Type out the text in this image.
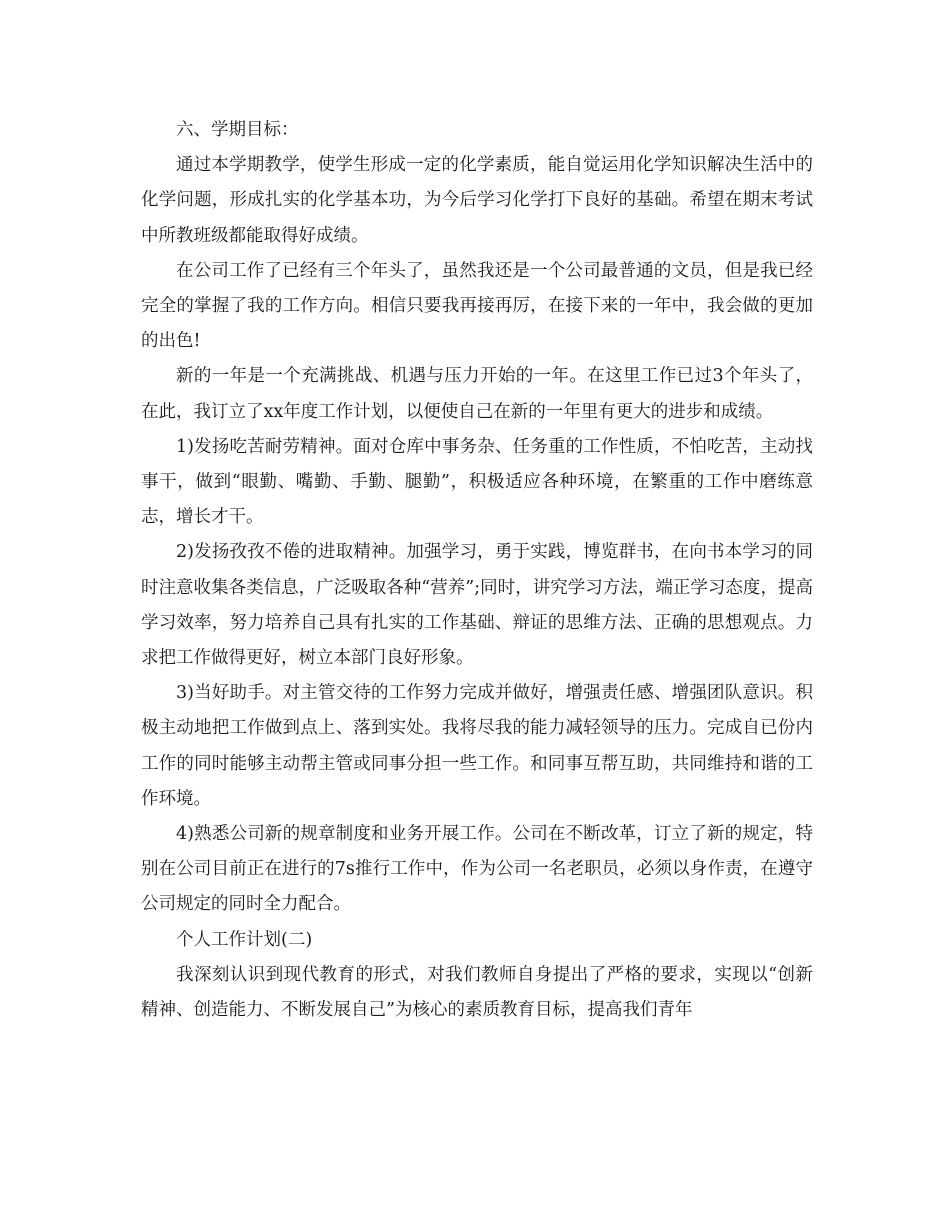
六、学期目标：

通过本学期教学，使学生形成一定的化学素质，能自觉运用化学知识解决生活中的化学问题，形成扎实的化学基本功，为今后学习化学打下良好的基础。希望在期末考试中所教班级都能取得好成绩。

在公司工作了已经有三个年头了，虽然我还是一个公司最普通的文员，但是我已经完全的掌握了我的工作方向。相信只要我再接再厉，在接下来的一年中，我会做的更加的出色!

新的一年是一个充满挑战、机遇与压力开始的一年。在这里工作已过3个年头了，在此，我订立了xx年度工作计划，以便使自己在新的一年里有更大的进步和成绩。

1)发扬吃苦耐劳精神。面对仓库中事务杂、任务重的工作性质，不怕吃苦，主动找事干，做到“眼勤、嘴勤、手勤、腿勤”，积极适应各种环境，在繁重的工作中磨练意志，增长才干。

2)发扬孜孜不倦的进取精神。加强学习，勇于实践，博览群书，在向书本学习的同时注意收集各类信息，广泛吸取各种“营养”;同时，讲究学习方法，端正学习态度，提高学习效率，努力培养自己具有扎实的工作基础、辩证的思维方法、正确的思想观点。力求把工作做得更好，树立本部门良好形象。

3)当好助手。对主管交待的工作努力完成并做好，增强责任感、增强团队意识。积极主动地把工作做到点上、落到实处。我将尽我的能力减轻领导的压力。完成自已份内工作的同时能够主动帮主管或同事分担一些工作。和同事互帮互助，共同维持和谐的工作环境。

4)熟悉公司新的规章制度和业务开展工作。公司在不断改革，订立了新的规定，特别在公司目前正在进行的7s推行工作中，作为公司一名老职员，必须以身作责，在遵守公司规定的同时全力配合。

个人工作计划(二)

我深刻认识到现代教育的形式，对我们教师自身提出了严格的要求，实现以“创新精神、创造能力、不断发展自己”为核心的素质教育目标，提高我们青年
